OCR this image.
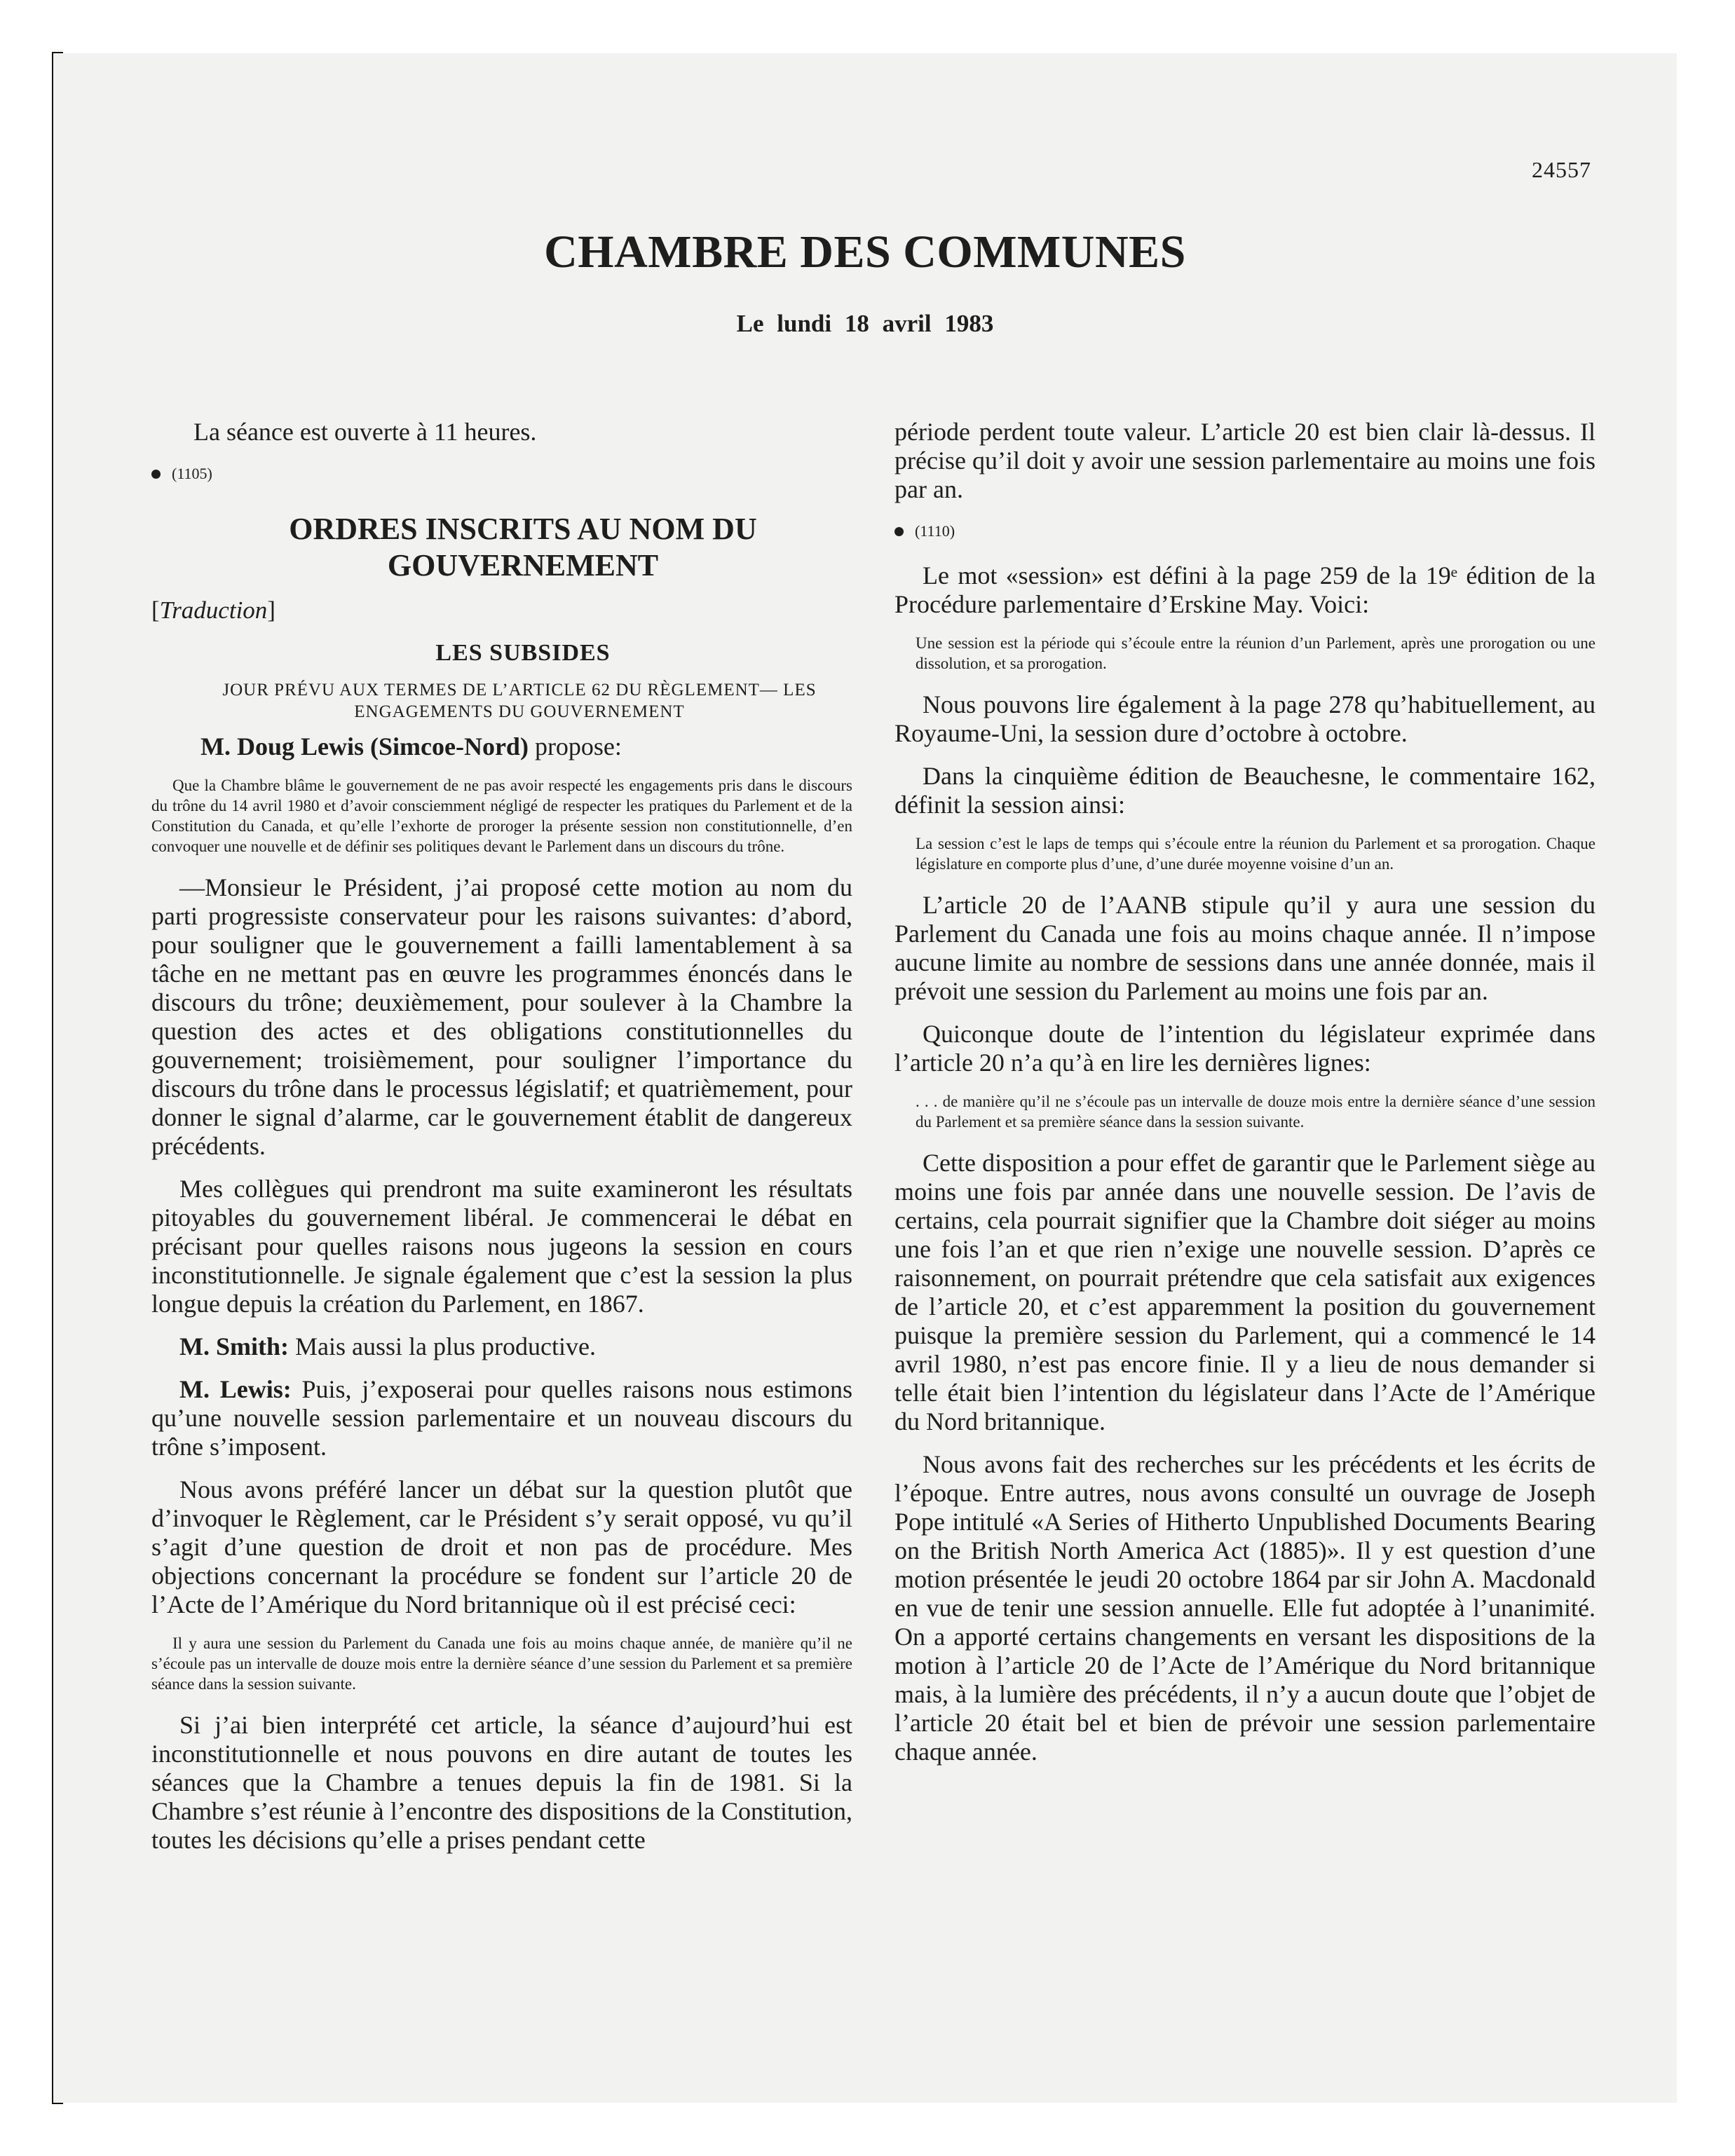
24557
CHAMBRE DES COMMUNES
Le lundi 18 avril 1983
La séance est ouverte à 11 heures.
(1105)
ORDRES INSCRITS AU NOM DU GOUVERNEMENT
[Traduction]
LES SUBSIDES
JOUR PRÉVU AUX TERMES DE L’ARTICLE 62 DU RÈGLEMENT— LES ENGAGEMENTS DU GOUVERNEMENT

M. Doug Lewis (Simcoe-Nord) propose:

Que la Chambre blâme le gouvernement de ne pas avoir respecté les engagements pris dans le discours du trône du 14 avril 1980 et d’avoir consciemment négligé de respecter les pratiques du Parlement et de la Constitution du Canada, et qu’elle l’exhorte de proroger la présente session non constitutionnelle, d’en convoquer une nouvelle et de définir ses politiques devant le Parlement dans un discours du trône.

—Monsieur le Président, j’ai proposé cette motion au nom du parti progressiste conservateur pour les raisons suivantes: d’abord, pour souligner que le gouvernement a failli lamentablement à sa tâche en ne mettant pas en œuvre les programmes énoncés dans le discours du trône; deuxièmement, pour soulever à la Chambre la question des actes et des obligations constitutionnelles du gouvernement; troisièmement, pour souligner l’importance du discours du trône dans le processus législatif; et quatrièmement, pour donner le signal d’alarme, car le gouvernement établit de dangereux précédents.

Mes collègues qui prendront ma suite examineront les résultats pitoyables du gouvernement libéral. Je commencerai le débat en précisant pour quelles raisons nous jugeons la session en cours inconstitutionnelle. Je signale également que c’est la session la plus longue depuis la création du Parlement, en 1867.

M. Smith: Mais aussi la plus productive.

M. Lewis: Puis, j’exposerai pour quelles raisons nous estimons qu’une nouvelle session parlementaire et un nouveau discours du trône s’imposent.

Nous avons préféré lancer un débat sur la question plutôt que d’invoquer le Règlement, car le Président s’y serait opposé, vu qu’il s’agit d’une question de droit et non pas de procédure. Mes objections concernant la procédure se fondent sur l’article 20 de l’Acte de l’Amérique du Nord britannique où il est précisé ceci:

Il y aura une session du Parlement du Canada une fois au moins chaque année, de manière qu’il ne s’écoule pas un intervalle de douze mois entre la dernière séance d’une session du Parlement et sa première séance dans la session suivante.

Si j’ai bien interprété cet article, la séance d’aujourd’hui est inconstitutionnelle et nous pouvons en dire autant de toutes les séances que la Chambre a tenues depuis la fin de 1981. Si la Chambre s’est réunie à l’encontre des dispositions de la Constitution, toutes les décisions qu’elle a prises pendant cette

période perdent toute valeur. L’article 20 est bien clair là-dessus. Il précise qu’il doit y avoir une session parlementaire au moins une fois par an.

(1110)

Le mot «session» est défini à la page 259 de la 19ᵉ édition de la Procédure parlementaire d’Erskine May. Voici:

Une session est la période qui s’écoule entre la réunion d’un Parlement, après une prorogation ou une dissolution, et sa prorogation.

Nous pouvons lire également à la page 278 qu’habituellement, au Royaume-Uni, la session dure d’octobre à octobre.

Dans la cinquième édition de Beauchesne, le commentaire 162, définit la session ainsi:

La session c’est le laps de temps qui s’écoule entre la réunion du Parlement et sa prorogation. Chaque législature en comporte plus d’une, d’une durée moyenne voisine d’un an.

L’article 20 de l’AANB stipule qu’il y aura une session du Parlement du Canada une fois au moins chaque année. Il n’impose aucune limite au nombre de sessions dans une année donnée, mais il prévoit une session du Parlement au moins une fois par an.

Quiconque doute de l’intention du législateur exprimée dans l’article 20 n’a qu’à en lire les dernières lignes:

. . . de manière qu’il ne s’écoule pas un intervalle de douze mois entre la dernière séance d’une session du Parlement et sa première séance dans la session suivante.

Cette disposition a pour effet de garantir que le Parlement siège au moins une fois par année dans une nouvelle session. De l’avis de certains, cela pourrait signifier que la Chambre doit siéger au moins une fois l’an et que rien n’exige une nouvelle session. D’après ce raisonnement, on pourrait prétendre que cela satisfait aux exigences de l’article 20, et c’est apparemment la position du gouvernement puisque la première session du Parlement, qui a commencé le 14 avril 1980, n’est pas encore finie. Il y a lieu de nous demander si telle était bien l’intention du législateur dans l’Acte de l’Amérique du Nord britannique.

Nous avons fait des recherches sur les précédents et les écrits de l’époque. Entre autres, nous avons consulté un ouvrage de Joseph Pope intitulé «A Series of Hitherto Unpublished Documents Bearing on the British North America Act (1885)». Il y est question d’une motion présentée le jeudi 20 octobre 1864 par sir John A. Macdonald en vue de tenir une session annuelle. Elle fut adoptée à l’unanimité. On a apporté certains changements en versant les dispositions de la motion à l’article 20 de l’Acte de l’Amérique du Nord britannique mais, à la lumière des précédents, il n’y a aucun doute que l’objet de l’article 20 était bel et bien de prévoir une session parlementaire chaque année.
